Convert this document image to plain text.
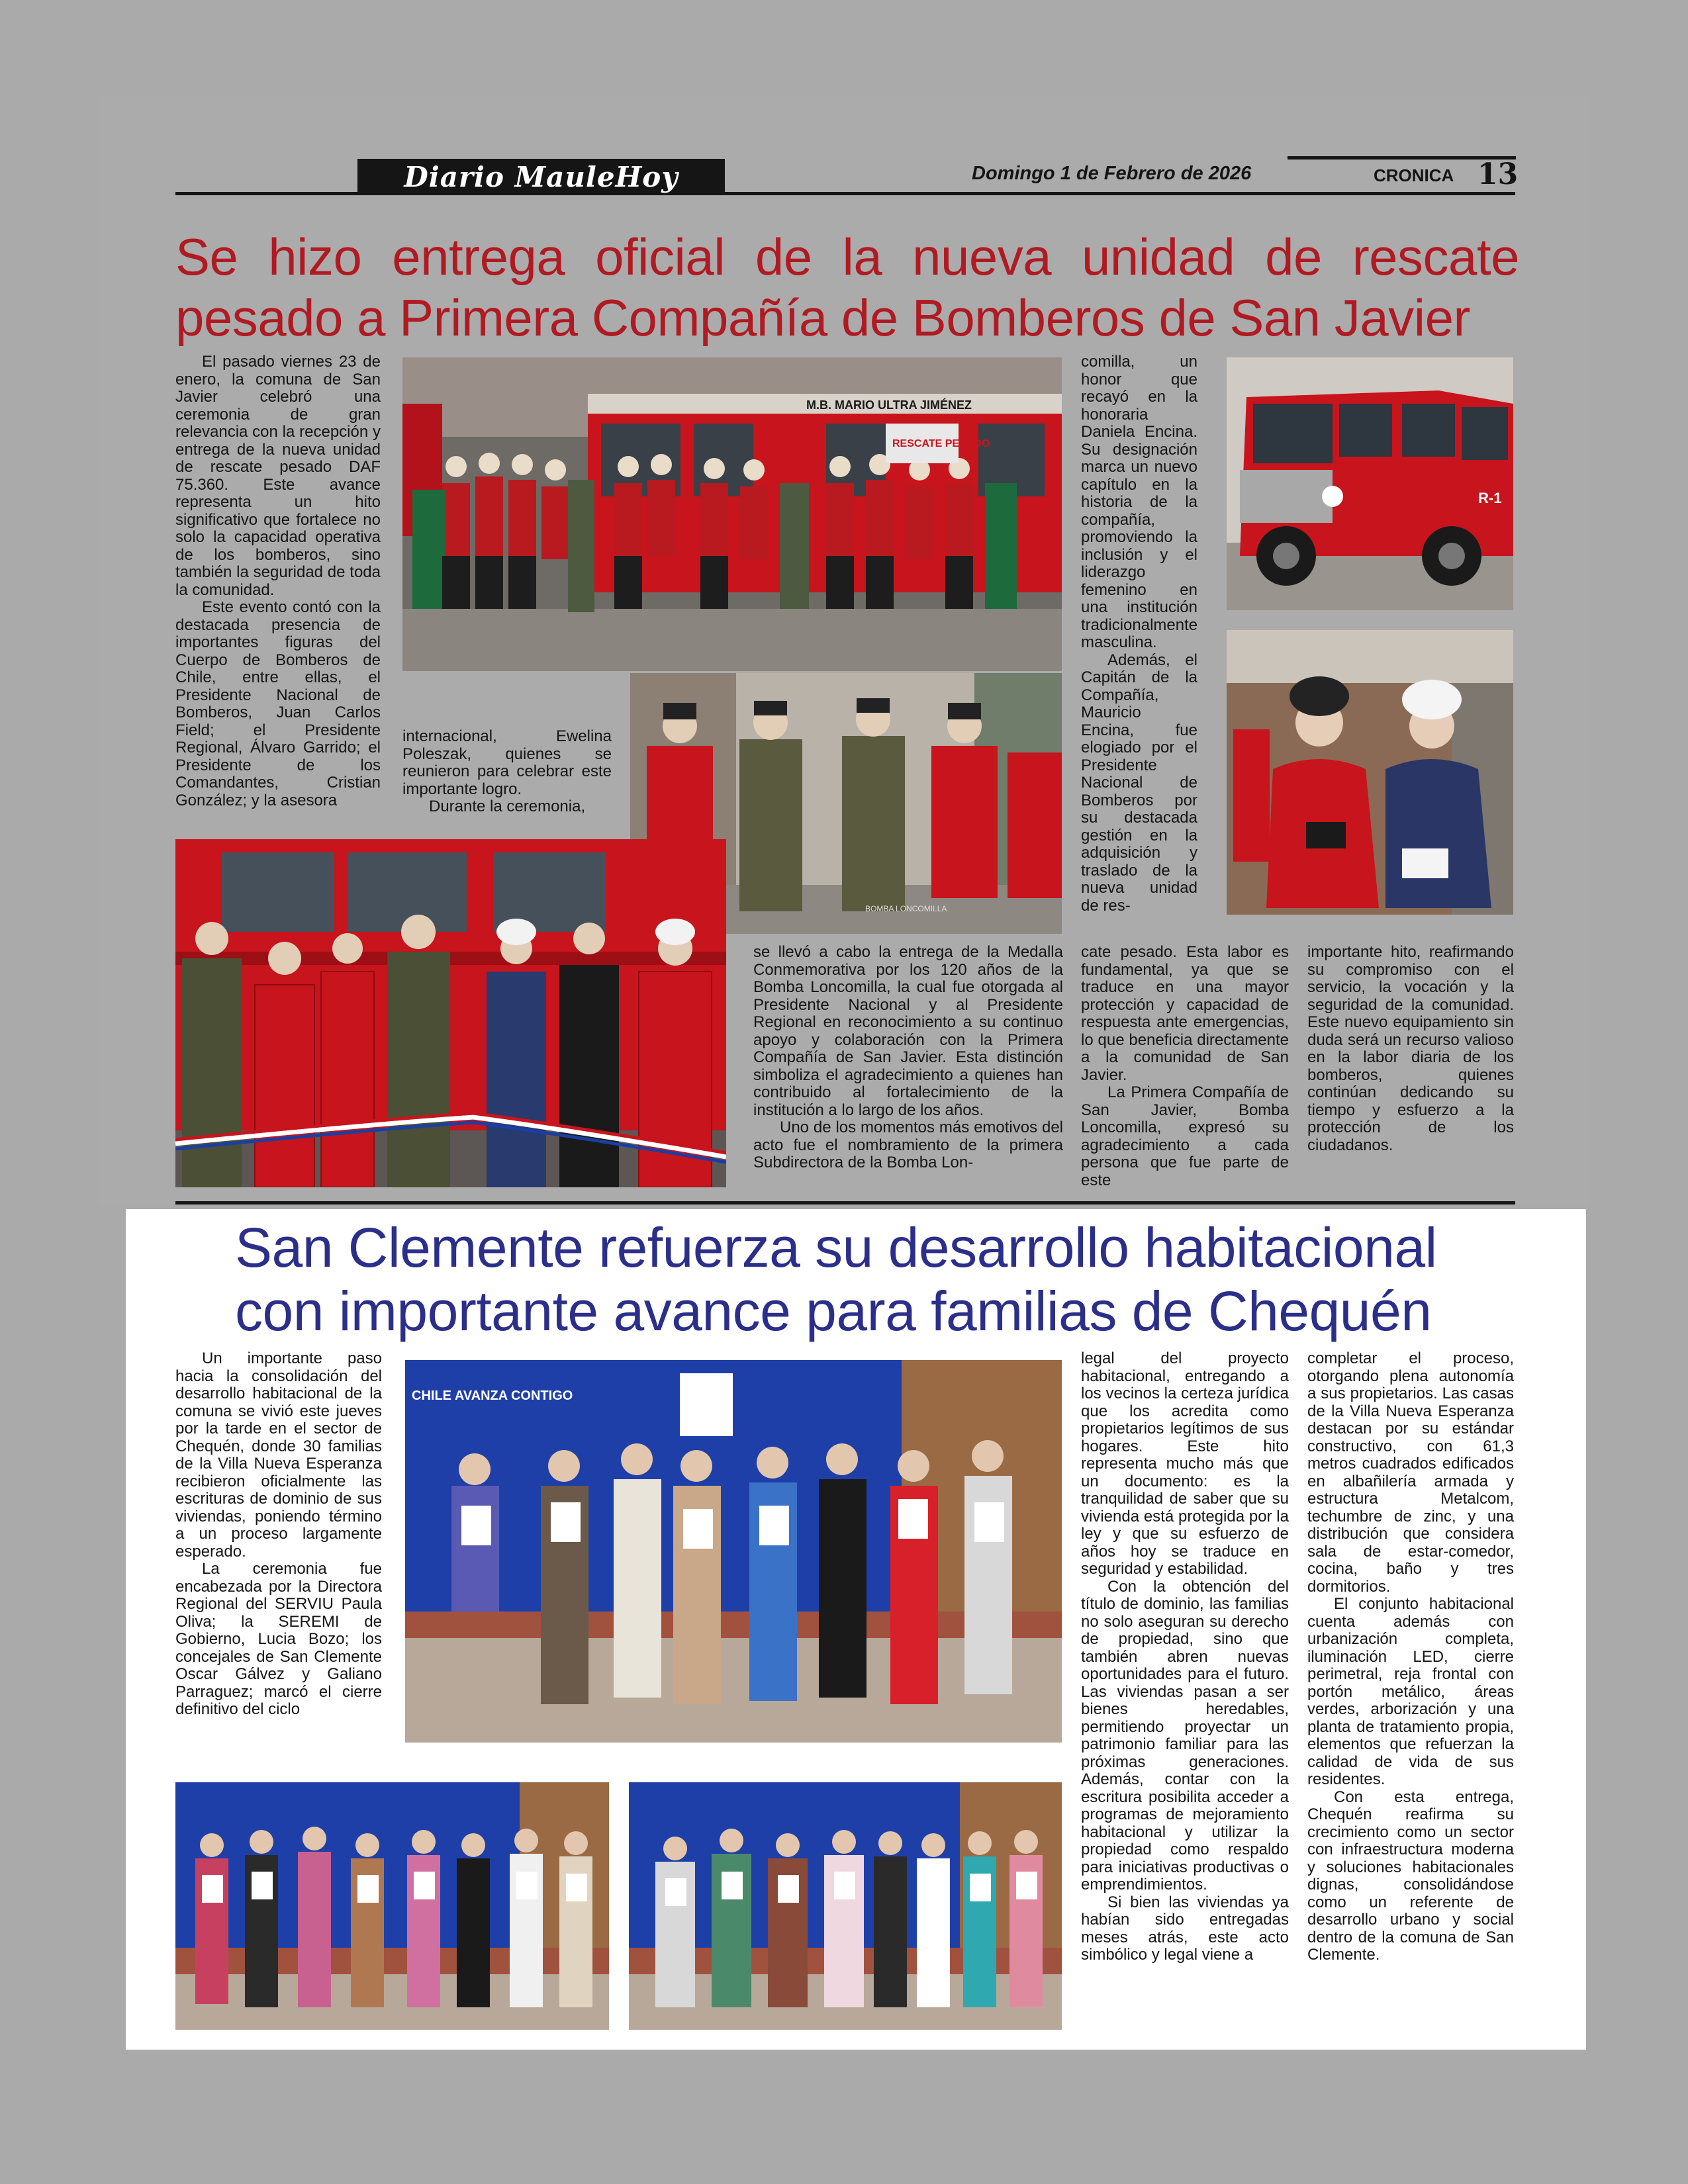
Diario MauleHoy	Domingo 1 de Febrero de 2026	CRONICA 13
Se hizo entrega oficial de la nueva unidad de rescate pesado a Primera Compañía de Bomberos de San Javier

El pasado viernes 23 de enero, la comuna de San Javier celebró una ceremonia de gran relevancia con la recepción y entrega de la nueva unidad de rescate pesado DAF 75.360. Este avance representa un hito significativo que fortalece no solo la capacidad operativa de los bomberos, sino también la seguridad de toda la comunidad.

Este evento contó con la destacada presencia de importantes figuras del Cuerpo de Bomberos de Chile, entre ellas, el Presidente Nacional de Bomberos, Juan Carlos Field; el Presidente Regional, Álvaro Garrido; el Presidente de los Comandantes, Cristian González; y la asesora

internacional, Ewelina Poleszak, quienes se reunieron para celebrar este importante logro.

Durante la ceremonia,

se llevó a cabo la entrega de la Medalla Conmemorativa por los 120 años de la Bomba Loncomilla, la cual fue otorgada al Presidente Nacional y al Presidente Regional en reconocimiento a su continuo apoyo y colaboración con la Primera Compañía de San Javier. Esta distinción simboliza el agradecimiento a quienes han contribuido al fortalecimiento de la institución a lo largo de los años.

Uno de los momentos más emotivos del acto fue el nombramiento de la primera Subdirectora de la Bomba Lon-

comilla, un honor que recayó en la honoraria Daniela Encina. Su designación marca un nuevo capítulo en la historia de la compañía, promoviendo la inclusión y el liderazgo femenino en una institución tradicionalmente masculina.

Además, el Capitán de la Compañía, Mauricio Encina, fue elogiado por el Presidente Nacional de Bomberos por su destacada gestión en la adquisición y traslado de la nueva unidad de res-

cate pesado. Esta labor es fundamental, ya que se traduce en una mayor protección y capacidad de respuesta ante emergencias, lo que beneficia directamente a la comunidad de San Javier.

La Primera Compañía de San Javier, Bomba Loncomilla, expresó su agradecimiento a cada persona que fue parte de este

importante hito, reafirmando su compromiso con el servicio, la vocación y la seguridad de la comunidad. Este nuevo equipamiento sin duda será un recurso valioso en la labor diaria de los bomberos, quienes continúan dedicando su tiempo y esfuerzo a la protección de los ciudadanos.

M.B. MARIO ULTRA JIMÉNEZ
RESCATE PESADO
BOMBA LONCOMILLA
R-1
San Clemente refuerza su desarrollo habitacional con importante avance para familias de Chequén

Un importante paso hacia la consolidación del desarrollo habitacional de la comuna se vivió este jueves por la tarde en el sector de Chequén, donde 30 familias de la Villa Nueva Esperanza recibieron oficialmente las escrituras de dominio de sus viviendas, poniendo término a un proceso largamente esperado.

La ceremonia fue encabezada por la Directora Regional del SERVIU Paula Oliva; la SEREMI de Gobierno, Lucia Bozo; los concejales de San Clemente Oscar Gálvez y Galiano Parraguez; marcó el cierre definitivo del ciclo

legal del proyecto habitacional, entregando a los vecinos la certeza jurídica que los acredita como propietarios legítimos de sus hogares. Este hito representa mucho más que un documento: es la tranquilidad de saber que su vivienda está protegida por la ley y que su esfuerzo de años hoy se traduce en seguridad y estabilidad.

Con la obtención del título de dominio, las familias no solo aseguran su derecho de propiedad, sino que también abren nuevas oportunidades para el futuro. Las viviendas pasan a ser bienes heredables, permitiendo proyectar un patrimonio familiar para las próximas generaciones. Además, contar con la escritura posibilita acceder a programas de mejoramiento habitacional y utilizar la propiedad como respaldo para iniciativas productivas o emprendimientos.

Si bien las viviendas ya habían sido entregadas meses atrás, este acto simbólico y legal viene a

completar el proceso, otorgando plena autonomía a sus propietarios. Las casas de la Villa Nueva Esperanza destacan por su estándar constructivo, con 61,3 metros cuadrados edificados en albañilería armada y estructura Metalcom, techumbre de zinc, y una distribución que considera sala de estar-comedor, cocina, baño y tres dormitorios.

El conjunto habitacional cuenta además con urbanización completa, iluminación LED, cierre perimetral, reja frontal con portón metálico, áreas verdes, arborización y una planta de tratamiento propia, elementos que refuerzan la calidad de vida de sus residentes.

Con esta entrega, Chequén reafirma su crecimiento como un sector con infraestructura moderna y soluciones habitacionales dignas, consolidándose como un referente de desarrollo urbano y social dentro de la comuna de San Clemente.

CHILE AVANZA CONTIGO
